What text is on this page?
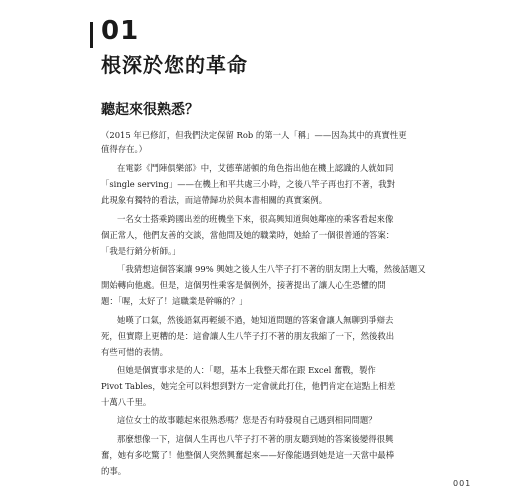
01
根深於您的革命
聽起來很熟悉？
（2015 年已修訂，但我們決定保留 Rob 的第一人「稱」——因為其中的真實性更
值得存在。）
在電影《鬥陣俱樂部》中，艾德華諾頓的角色指出他在機上認識的人就如同
「single serving」——在機上和平共處三小時，之後八竿子再也打不著，我對
此現象有獨特的看法，而這帶歸功於與本書相關的真實案例。
一名女士搭乘跨國出差的班機坐下來，很高興知道與她鄰座的乘客看起來像
個正常人，他們友善的交談，當他問及她的職業時，她給了一個很普通的答案：
「我是行銷分析師。」
「我猜想這個答案讓 99% 興她之後人生八竿子打不著的朋友閉上大嘴，然後話題又
開始轉向他處。但是，這個男性乘客是個例外，接著提出了讓人心生恐懼的問
題：「喔，太好了！這職業是幹嘛的？」
她嘆了口氣，然後語氣再輕緩不過，她知道問題的答案會讓人無聊到爭辯去
死，但實際上更糟的是：這會讓人生八竿子打不著的朋友我縮了一下，然後救出
有些可惜的表情。
但她是個實事求是的人：「嗯，基本上我整天都在跟 Excel 奮戰，製作
Pivot Tables，她完全可以料想到對方一定會就此打住，他們肯定在這點上相差
十萬八千里。
這位女士的故事聽起來很熟悉嗎？您是否有時發現自己遇到相同問題？
那麼想像一下，這個人生再也八竿子打不著的朋友聽到她的答案後變得很興
奮，她有多吃驚了！他整個人突然興奮起來——好像能遇到她是這一天當中最棒
的事。
001
